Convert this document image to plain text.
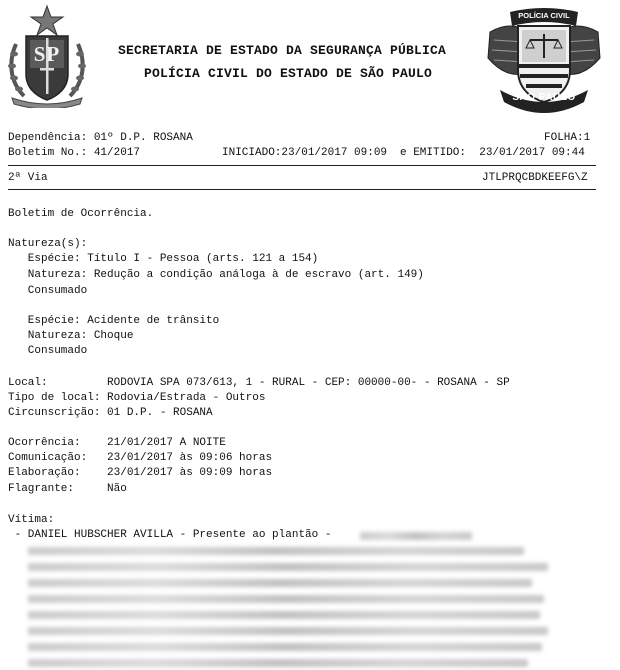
SP	SECRETARIA DE ESTADO DA SEGURANÇA PÚBLICA
POLÍCIA CIVIL DO ESTADO DE SÃO PAULO
POLÍCIA CIVIL
SÃO PAULO
Dependência: 01º D.P. ROSANA	FOLHA:1
Boletim No.: 41/2017	INICIADO:23/01/2017 09:09 e EMITIDO:  23/01/2017 09:44
2ª Via	JTLPRQCBDKEEFG\Z
Boletim de Ocorrência.
Natureza(s):
Espécie: Título I - Pessoa (arts. 121 a 154)
Natureza: Redução a condição análoga à de escravo (art. 149)
Consumado
Espécie: Acidente de trânsito
Natureza: Choque
Consumado
Local:         RODOVIA SPA 073/613, 1 - RURAL - CEP: 00000-00- - ROSANA - SP
Tipo de local: Rodovia/Estrada - Outros
Circunscrição: 01 D.P. - ROSANA
Ocorrência:    21/01/2017 A NOITE
Comunicação:   23/01/2017 às 09:06 horas
Elaboração:    23/01/2017 às 09:09 horas
Flagrante:     Não
Vítima:
- DANIEL HUBSCHER AVILLA - Presente ao plantão -
